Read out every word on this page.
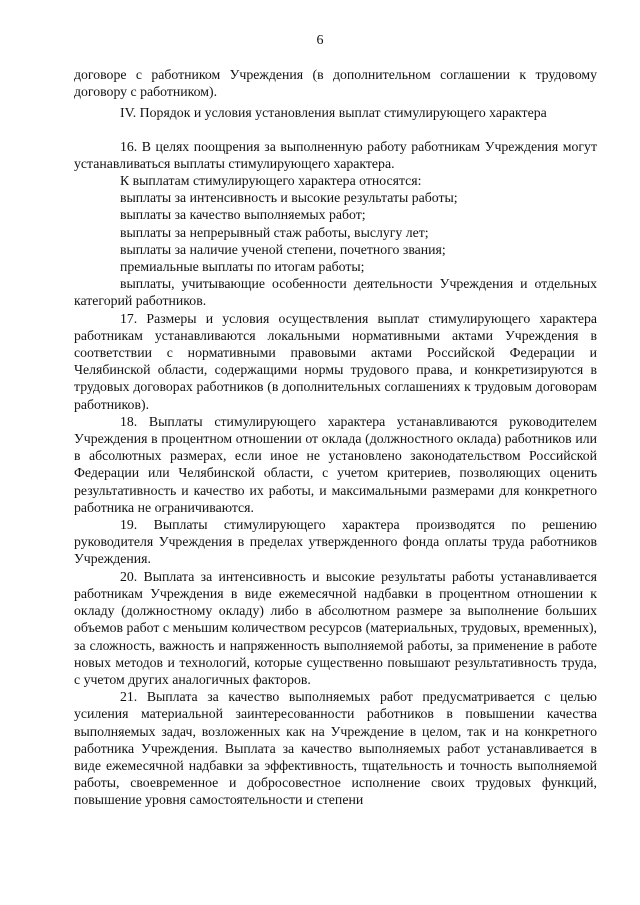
6

договоре с работником Учреждения (в дополнительном соглашении к трудовому договору с работником).

IV. Порядок и условия установления выплат стимулирующего характера

16. В целях поощрения за выполненную работу работникам Учреждения могут устанавливаться выплаты стимулирующего характера.

К выплатам стимулирующего характера относятся:

выплаты за интенсивность и высокие результаты работы;

выплаты за качество выполняемых работ;

выплаты за непрерывный стаж работы, выслугу лет;

выплаты за наличие ученой степени, почетного звания;

премиальные выплаты по итогам работы;

выплаты, учитывающие особенности деятельности Учреждения и отдельных категорий работников.

17. Размеры и условия осуществления выплат стимулирующего характера работникам устанавливаются локальными нормативными актами Учреждения в соответствии с нормативными правовыми актами Российской Федерации и Челябинской области, содержащими нормы трудового права, и конкретизируются в трудовых договорах работников (в дополнительных соглашениях к трудовым договорам работников).

18. Выплаты стимулирующего характера устанавливаются руководителем Учреждения в процентном отношении от оклада (должностного оклада) работников или в абсолютных размерах, если иное не установлено законодательством Российской Федерации или Челябинской области, с учетом критериев, позволяющих оценить результативность и качество их работы, и максимальными размерами для конкретного работника не ограничиваются.

19. Выплаты стимулирующего характера производятся по решению руководителя Учреждения в пределах утвержденного фонда оплаты труда работников Учреждения.

20. Выплата за интенсивность и высокие результаты работы устанавливается работникам Учреждения в виде ежемесячной надбавки в процентном отношении к окладу (должностному окладу) либо в абсолютном размере за выполнение больших объемов работ с меньшим количеством ресурсов (материальных, трудовых, временных), за сложность, важность и напряженность выполняемой работы, за применение в работе новых методов и технологий, которые существенно повышают результативность труда, с учетом других аналогичных факторов.

21. Выплата за качество выполняемых работ предусматривается с целью усиления материальной заинтересованности работников в повышении качества выполняемых задач, возложенных как на Учреждение в целом, так и на конкретного работника Учреждения. Выплата за качество выполняемых работ устанавливается в виде ежемесячной надбавки за эффективность, тщательность и точность выполняемой работы, своевременное и добросовестное исполнение своих трудовых функций, повышение уровня самостоятельности и степени
